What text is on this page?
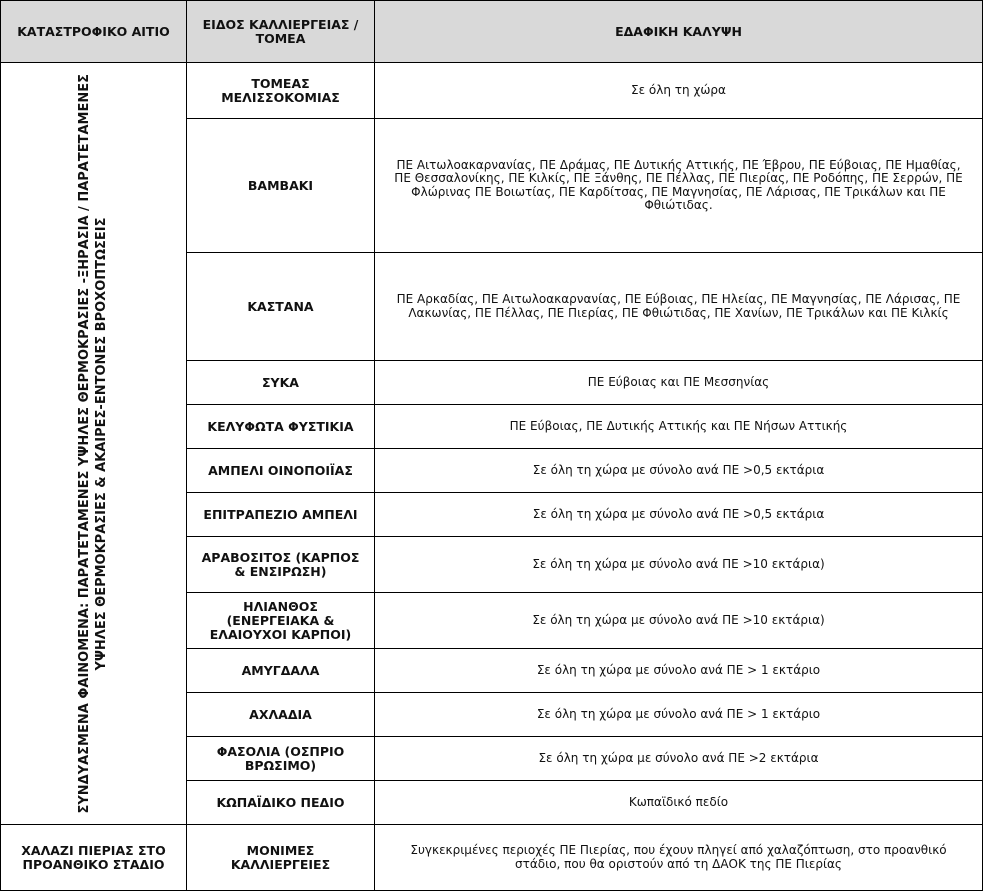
ΚΑΤΑΣΤΡΟΦΙΚΟ ΑΙΤΙΟ	ΕΙΔΟΣ ΚΑΛΛΙΕΡΓΕΙΑΣ / ΤΟΜΕΑ	ΕΔΑΦΙΚΗ ΚΑΛΥΨΗ

ΣΥΝΔΥΑΣΜΕΝΑ ΦΑΙΝΟΜΕΝΑ: ΠΑΡΑΤΕΤΑΜΕΝΕΣ ΥΨΗΛΕΣ ΘΕΡΜΟΚΡΑΣΙΕΣ -ΞΗΡΑΣΙΑ / ΠΑΡΑΤΕΤΑΜΕΝΕΣ ΥΨΗΛΕΣ ΘΕΡΜΟΚΡΑΣΙΕΣ & ΑΚΑΙΡΕΣ-ΕΝΤΟΝΕΣ ΒΡΟΧΟΠΤΩΣΕΙΣ	ΤΟΜΕΑΣ ΜΕΛΙΣΣΟΚΟΜΙΑΣ	Σε όλη τη χώρα
	ΒΑΜΒΑΚΙ	ΠΕ Αιτωλοακαρνανίας, ΠΕ Δράμας, ΠΕ Δυτικής Αττικής, ΠΕ Έβρου, ΠΕ Εύβοιας, ΠΕ Ημαθίας, ΠΕ Θεσσαλονίκης, ΠΕ Κιλκίς, ΠΕ Ξάνθης, ΠΕ Πέλλας, ΠΕ Πιερίας, ΠΕ Ροδόπης, ΠΕ Σερρών, ΠΕ Φλώρινας ΠΕ Βοιωτίας, ΠΕ Καρδίτσας, ΠΕ Μαγνησίας, ΠΕ Λάρισας, ΠΕ Τρικάλων και ΠΕ Φθιώτιδας.
	ΚΑΣΤΑΝΑ	ΠΕ Αρκαδίας, ΠΕ Αιτωλοακαρνανίας, ΠΕ Εύβοιας, ΠΕ Ηλείας, ΠΕ Μαγνησίας, ΠΕ Λάρισας, ΠΕ Λακωνίας, ΠΕ Πέλλας, ΠΕ Πιερίας, ΠΕ Φθιώτιδας, ΠΕ Χανίων, ΠΕ Τρικάλων και ΠΕ Κιλκίς
	ΣΥΚΑ	ΠΕ Εύβοιας και ΠΕ Μεσσηνίας
	ΚΕΛΥΦΩΤΑ ΦΥΣΤΙΚΙΑ	ΠΕ Εύβοιας, ΠΕ Δυτικής Αττικής και ΠΕ Νήσων Αττικής
	ΑΜΠΕΛΙ ΟΙΝΟΠΟΙΪΑΣ	Σε όλη τη χώρα με σύνολο ανά ΠΕ >0,5 εκτάρια
	ΕΠΙΤΡΑΠΕΖΙΟ ΑΜΠΕΛΙ	Σε όλη τη χώρα με σύνολο ανά ΠΕ >0,5 εκτάρια
	ΑΡΑΒΟΣΙΤΟΣ (ΚΑΡΠΟΣ & ΕΝΣΙΡΩΣΗ)	Σε όλη τη χώρα με σύνολο ανά ΠΕ >10 εκτάρια)
	ΗΛΙΑΝΘΟΣ (ΕΝΕΡΓΕΙΑΚΑ & ΕΛΑΙΟΥΧΟΙ ΚΑΡΠΟΙ)	Σε όλη τη χώρα με σύνολο ανά ΠΕ >10 εκτάρια)
	ΑΜΥΓΔΑΛΑ	Σε όλη τη χώρα με σύνολο ανά ΠΕ > 1 εκτάριο
	ΑΧΛΑΔΙΑ	Σε όλη τη χώρα με σύνολο ανά ΠΕ > 1 εκτάριο
	ΦΑΣΟΛΙΑ (ΟΣΠΡΙΟ ΒΡΩΣΙΜΟ)	Σε όλη τη χώρα με σύνολο ανά ΠΕ >2 εκτάρια
	ΚΩΠΑΪΔΙΚΟ ΠΕΔΙΟ	Κωπαϊδικό πεδίο
ΧΑΛΑΖΙ ΠΙΕΡΙΑΣ ΣΤΟ ΠΡΟΑΝΘΙΚΟ ΣΤΑΔΙΟ	ΜΟΝΙΜΕΣ ΚΑΛΛΙΕΡΓΕΙΕΣ	Συγκεκριμένες περιοχές ΠΕ Πιερίας, που έχουν πληγεί από χαλαζόπτωση, στο προανθικό στάδιο, που θα οριστούν από τη ΔΑΟΚ της ΠΕ Πιερίας
